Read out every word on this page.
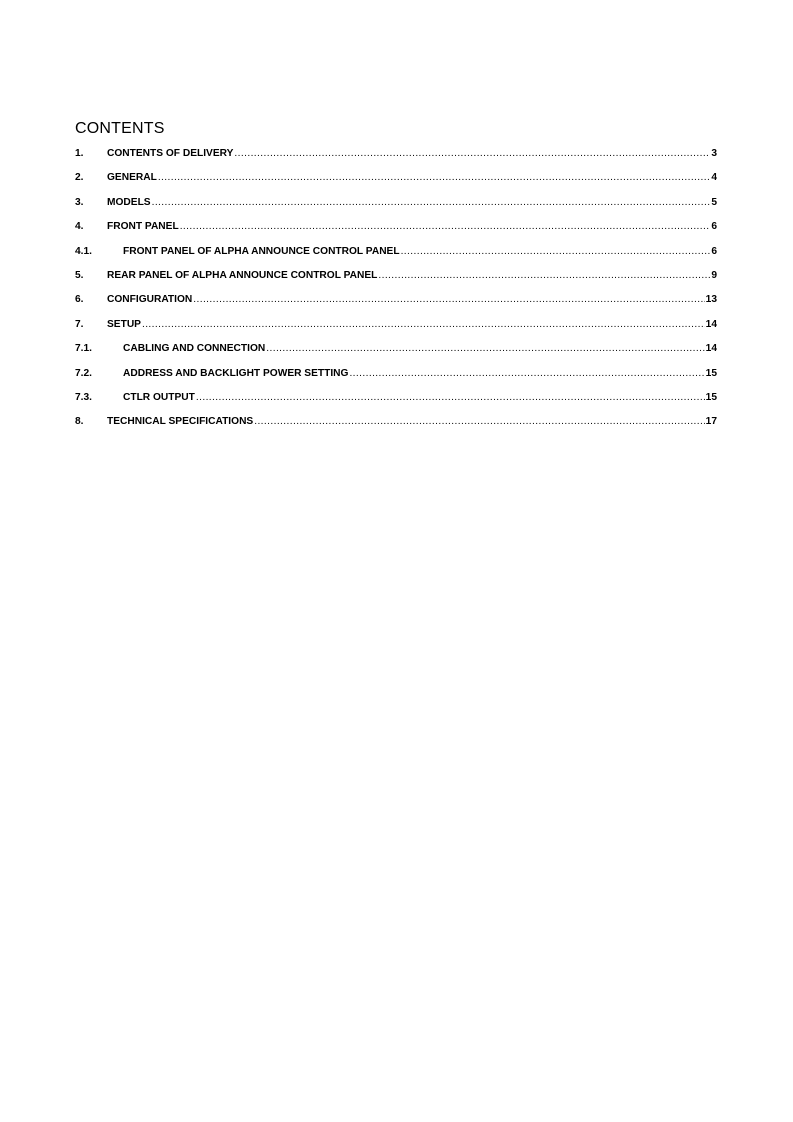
CONTENTS
1.	CONTENTS OF DELIVERY .....	3
2.	GENERAL .....	4
3.	MODELS .....	5
4.	FRONT PANEL .....	6
4.1.	FRONT PANEL OF ALPHA ANNOUNCE CONTROL PANEL .....	6
5.	REAR PANEL OF ALPHA ANNOUNCE CONTROL PANEL .....	9
6.	CONFIGURATION .....	13
7.	SETUP .....	14
7.1.	CABLING AND CONNECTION .....	14
7.2.	ADDRESS AND BACKLIGHT POWER SETTING .....	15
7.3.	CTLR OUTPUT .....	15
8.	TECHNICAL SPECIFICATIONS .....	17
